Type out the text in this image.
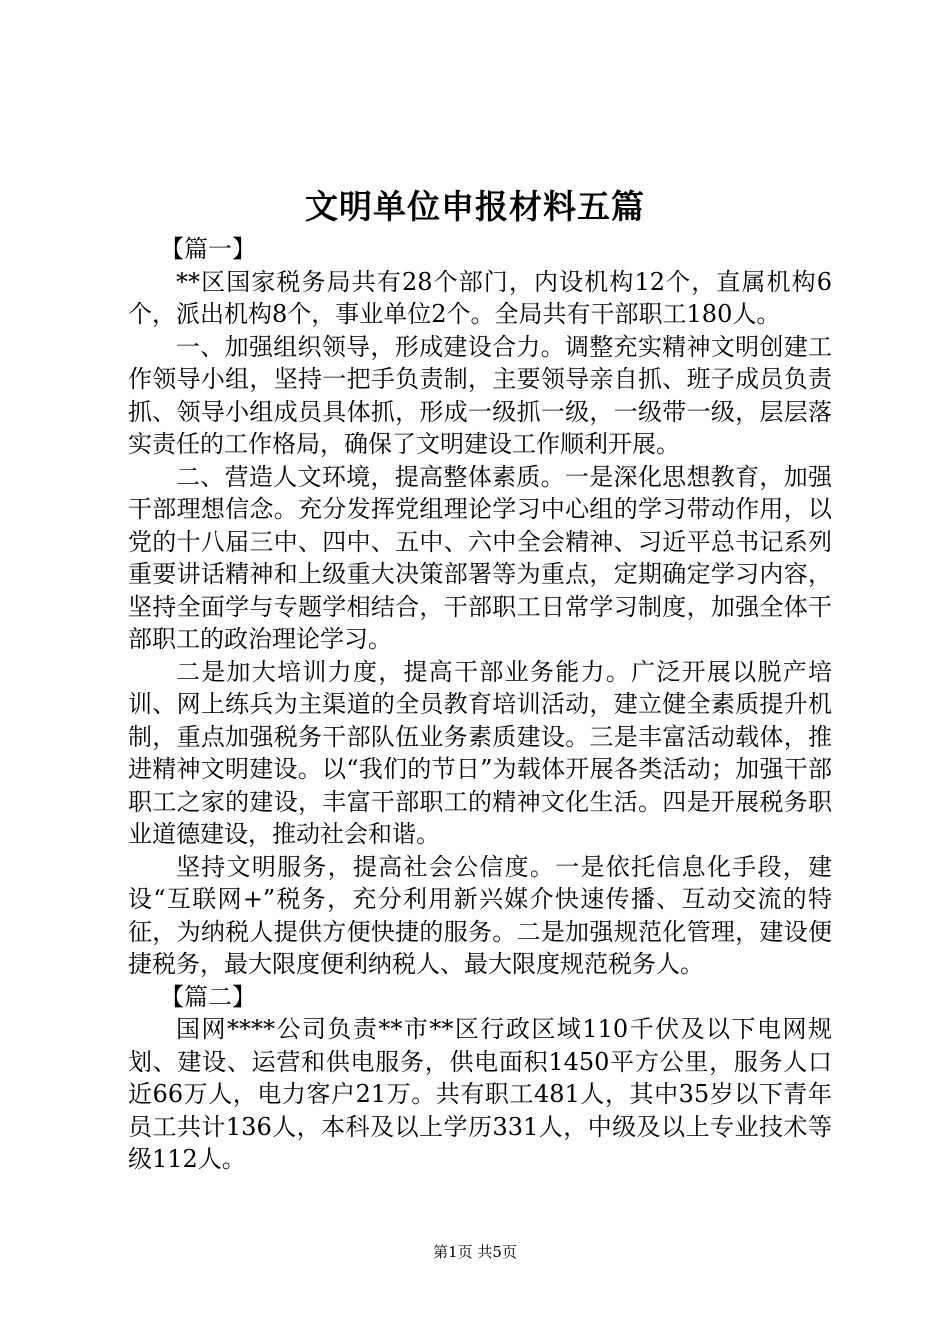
文明单位申报材料五篇

【篇一】

**区国家税务局共有28个部门，内设机构12个，直属机构6个，派出机构8个，事业单位2个。全局共有干部职工180人。

一、加强组织领导，形成建设合力。调整充实精神文明创建工作领导小组，坚持一把手负责制，主要领导亲自抓、班子成员负责抓、领导小组成员具体抓，形成一级抓一级，一级带一级，层层落实责任的工作格局，确保了文明建设工作顺利开展。

二、营造人文环境，提高整体素质。一是深化思想教育，加强干部理想信念。充分发挥党组理论学习中心组的学习带动作用，以党的十八届三中、四中、五中、六中全会精神、习近平总书记系列重要讲话精神和上级重大决策部署等为重点，定期确定学习内容，坚持全面学与专题学相结合，干部职工日常学习制度，加强全体干部职工的政治理论学习。

二是加大培训力度，提高干部业务能力。广泛开展以脱产培训、网上练兵为主渠道的全员教育培训活动，建立健全素质提升机制，重点加强税务干部队伍业务素质建设。三是丰富活动载体，推进精神文明建设。以“我们的节日”为载体开展各类活动；加强干部职工之家的建设，丰富干部职工的精神文化生活。四是开展税务职业道德建设，推动社会和谐。

坚持文明服务，提高社会公信度。一是依托信息化手段，建设“互联网+”税务，充分利用新兴媒介快速传播、互动交流的特征，为纳税人提供方便快捷的服务。二是加强规范化管理，建设便捷税务，最大限度便利纳税人、最大限度规范税务人。

【篇二】

国网****公司负责**市**区行政区域110千伏及以下电网规划、建设、运营和供电服务，供电面积1450平方公里，服务人口近66万人，电力客户21万。共有职工481人，其中35岁以下青年员工共计136人，本科及以上学历331人，中级及以上专业技术等级112人。

第1页 共5页
